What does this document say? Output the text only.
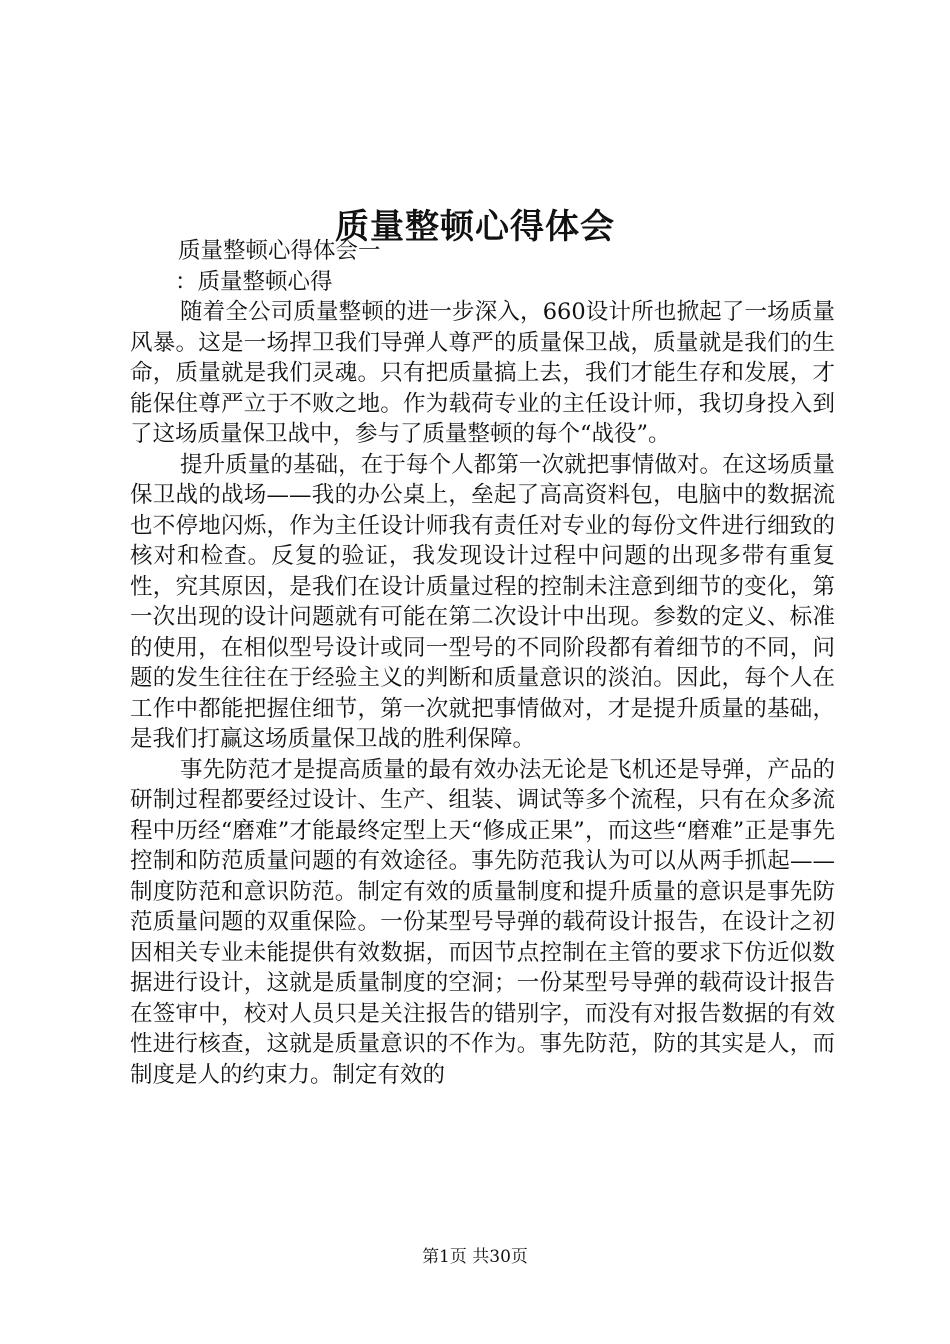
质量整顿心得体会

质量整顿心得体会一

：质量整顿心得

随着全公司质量整顿的进一步深入，660设计所也掀起了一场质量风暴。这是一场捍卫我们导弹人尊严的质量保卫战，质量就是我们的生命，质量就是我们灵魂。只有把质量搞上去，我们才能生存和发展，才能保住尊严立于不败之地。作为载荷专业的主任设计师，我切身投入到了这场质量保卫战中，参与了质量整顿的每个“战役”。

提升质量的基础，在于每个人都第一次就把事情做对。在这场质量保卫战的战场——我的办公桌上，垒起了高高资料包，电脑中的数据流也不停地闪烁，作为主任设计师我有责任对专业的每份文件进行细致的核对和检查。反复的验证，我发现设计过程中问题的出现多带有重复性，究其原因，是我们在设计质量过程的控制未注意到细节的变化，第一次出现的设计问题就有可能在第二次设计中出现。参数的定义、标准的使用，在相似型号设计或同一型号的不同阶段都有着细节的不同，问题的发生往往在于经验主义的判断和质量意识的淡泊。因此，每个人在工作中都能把握住细节，第一次就把事情做对，才是提升质量的基础，是我们打赢这场质量保卫战的胜利保障。

事先防范才是提高质量的最有效办法无论是飞机还是导弹，产品的研制过程都要经过设计、生产、组装、调试等多个流程，只有在众多流程中历经“磨难”才能最终定型上天“修成正果”，而这些“磨难”正是事先控制和防范质量问题的有效途径。事先防范我认为可以从两手抓起——制度防范和意识防范。制定有效的质量制度和提升质量的意识是事先防范质量问题的双重保险。一份某型号导弹的载荷设计报告，在设计之初因相关专业未能提供有效数据，而因节点控制在主管的要求下仿近似数据进行设计，这就是质量制度的空洞；一份某型号导弹的载荷设计报告在签审中，校对人员只是关注报告的错别字，而没有对报告数据的有效性进行核查，这就是质量意识的不作为。事先防范，防的其实是人，而制度是人的约束力。制定有效的

第1页 共30页
